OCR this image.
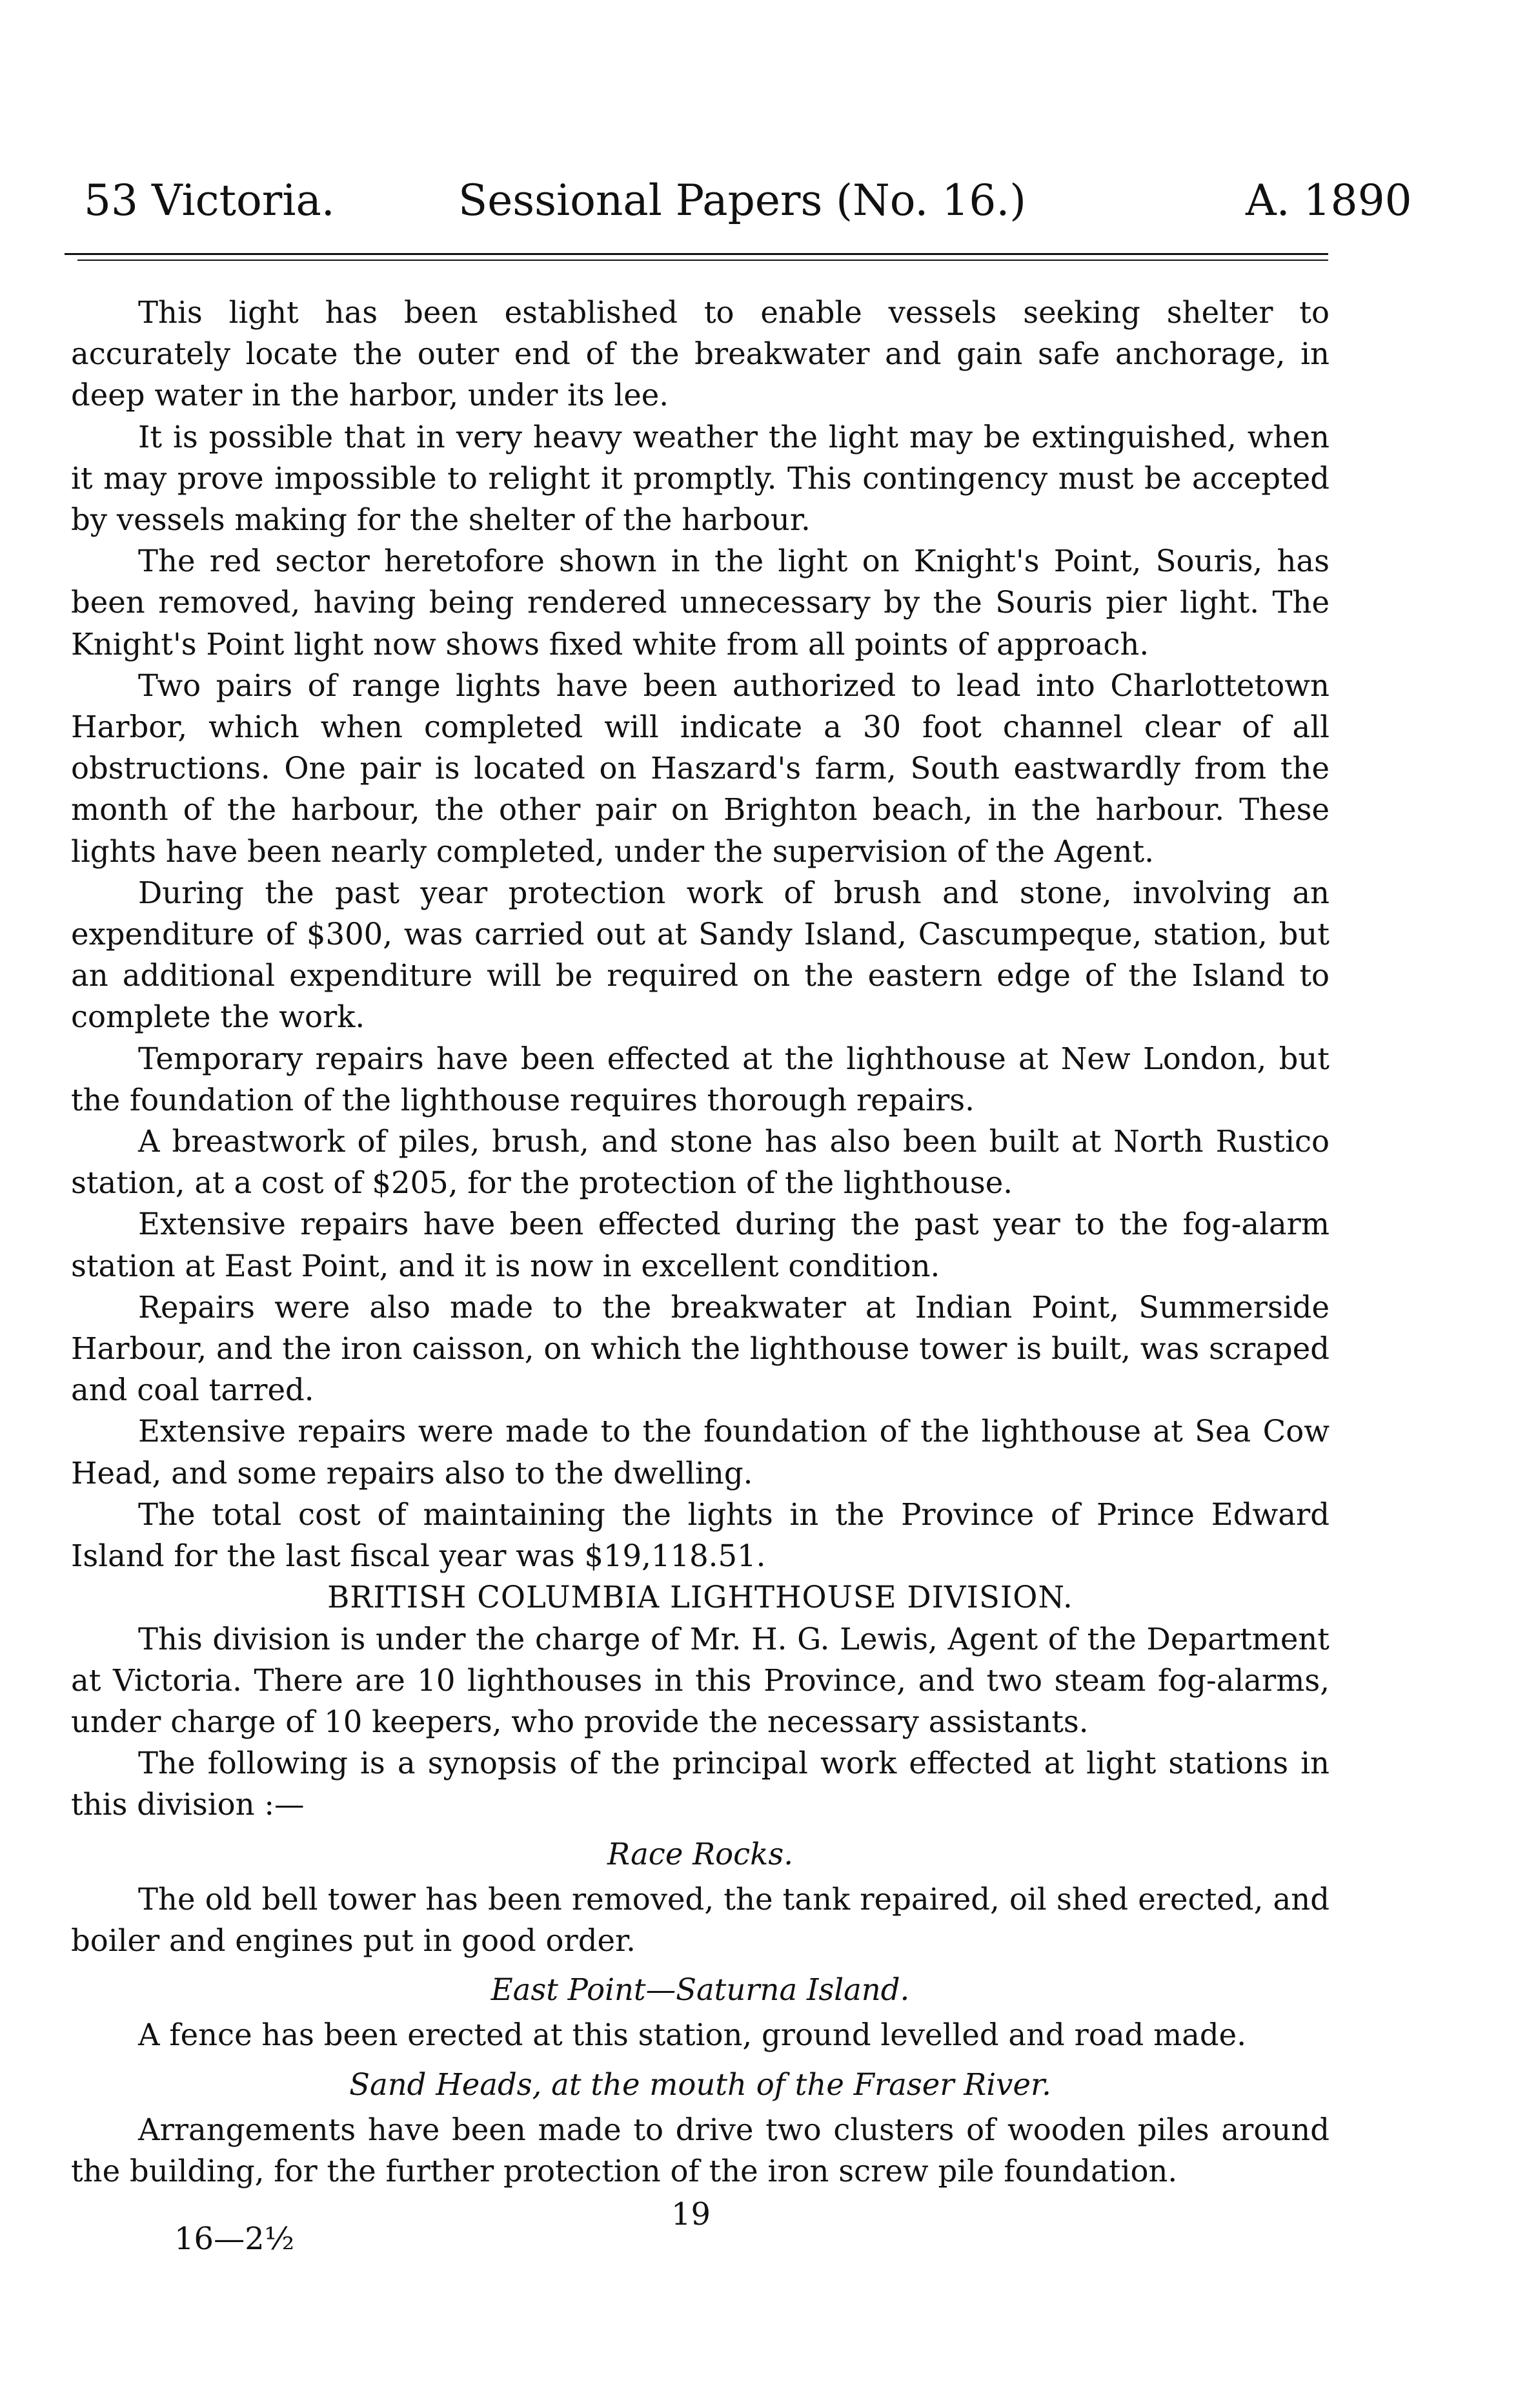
53 Victoria.	Sessional Papers (No. 16.)	A. 1890

This light has been established to enable vessels seeking shelter to accurately locate the outer end of the breakwater and gain safe anchorage, in deep water in the harbor, under its lee.

It is possible that in very heavy weather the light may be extinguished, when it may prove impossible to relight it promptly. This contingency must be accepted by vessels making for the shelter of the harbour.

The red sector heretofore shown in the light on Knight's Point, Souris, has been removed, having being rendered unnecessary by the Souris pier light. The Knight's Point light now shows fixed white from all points of approach.

Two pairs of range lights have been authorized to lead into Charlottetown Harbor, which when completed will indicate a 30 foot channel clear of all obstructions. One pair is located on Haszard's farm, South eastwardly from the month of the harbour, the other pair on Brighton beach, in the harbour. These lights have been nearly completed, under the supervision of the Agent.

During the past year protection work of brush and stone, involving an expenditure of $300, was carried out at Sandy Island, Cascumpeque, station, but an additional expenditure will be required on the eastern edge of the Island to complete the work.

Temporary repairs have been effected at the lighthouse at New London, but the foundation of the lighthouse requires thorough repairs.

A breastwork of piles, brush, and stone has also been built at North Rustico station, at a cost of $205, for the protection of the lighthouse.

Extensive repairs have been effected during the past year to the fog-alarm station at East Point, and it is now in excellent condition.

Repairs were also made to the breakwater at Indian Point, Summerside Harbour, and the iron caisson, on which the lighthouse tower is built, was scraped and coal tarred.

Extensive repairs were made to the foundation of the lighthouse at Sea Cow Head, and some repairs also to the dwelling.

The total cost of maintaining the lights in the Province of Prince Edward Island for the last fiscal year was $19,118.51.

BRITISH COLUMBIA LIGHTHOUSE DIVISION.

This division is under the charge of Mr. H. G. Lewis, Agent of the Department at Victoria. There are 10 lighthouses in this Province, and two steam fog-alarms, under charge of 10 keepers, who provide the necessary assistants.

The following is a synopsis of the principal work effected at light stations in this division :—

Race Rocks.

The old bell tower has been removed, the tank repaired, oil shed erected, and boiler and engines put in good order.

East Point—Saturna Island.

A fence has been erected at this station, ground levelled and road made.

Sand Heads, at the mouth of the Fraser River.

Arrangements have been made to drive two clusters of wooden piles around the building, for the further protection of the iron screw pile foundation.

19
16—2½
